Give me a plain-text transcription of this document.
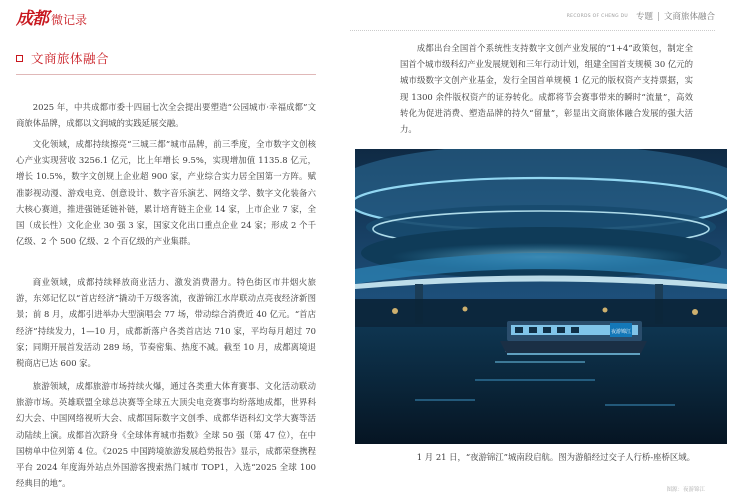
成都 微记录	RECORDS OF CHENG DU 专题 文商旅体融合
文商旅体融合

2025 年，中共成都市委十四届七次全会提出要塑造“公园城市·幸福成都”文商旅体品牌，成都以文润城的实践延展交融。

文化领域，成都持续擦亮“三城三都”城市品牌，前三季度，全市数字文创核心产业实现营收 3256.1 亿元，比上年增长 9.5%，实现增加值 1135.8 亿元，增长 10.5%，数字文创规上企业超 900 家，产业综合实力居全国第一方阵。赋准影视动漫、游戏电竞、创意设计、数字音乐演艺、网络文学、数字文化装备六大核心赛道，推进强链延链补链，累计培育链主企业 14 家，上市企业 7 家，全国（成长性）文化企业 30 强 3 家，国家文化出口重点企业 24 家；形成 2 个千亿级、2 个 500 亿级、2 个百亿级的产业集群。

商业领域，成都持续释放商业活力、激发消费潜力。特色街区市井烟火旅游，东郊记忆以“首店经济”撬动千万级客流，夜游锦江水岸联动点亮夜经济新图景；前 8 月，成都引进举办大型演唱会 77 场，带动综合消费近 40 亿元。“首店经济”持续发力，1—10 月，成都新落户各类首店达 710 家，平均每月超过 70 家；同期开展首发活动 289 场，节奏密集、热度不减。截至 10 月，成都离境退税商店已达 600 家。

旅游领域，成都旅游市场持续火爆，通过各类重大体育赛事、文化活动联动旅游市场。英雄联盟全球总决赛等全球五大顶尖电竞赛事均纷落地成都，世界科幻大会、中国网络视听大会、成都国际数字文创季、成都华语科幻文学大赛等活动陆续上演。成都首次跻身《全球体育城市指数》全球 50 强（第 47 位），在中国榜单中位列第 4 位。《2025 中国跨境旅游发展趋势报告》显示，成都荣登携程平台 2024 年度海外站点外国游客搜索热门城市 TOP1，入选“2025 全球 100 经典目的地”。

成都出台全国首个系统性支持数字文创产业发展的“1+4”政策包，制定全国首个城市级科幻产业发展规划和三年行动计划，组建全国首支规模 30 亿元的城市级数字文创产业基金，发行全国首单规模 1 亿元的版权资产支持票据，实现 1300 余件版权资产的证券转化。成都将节会赛事带来的瞬时“流量”，高效转化为促进消费、塑造品牌的持久“留量”，彰显出文商旅体融合发展的强大活力。

夜游锦江

1 月 21 日，“夜游锦江”城南段启航。图为游船经过交子人行桥-座桥区域。

图源：夜游锦江
